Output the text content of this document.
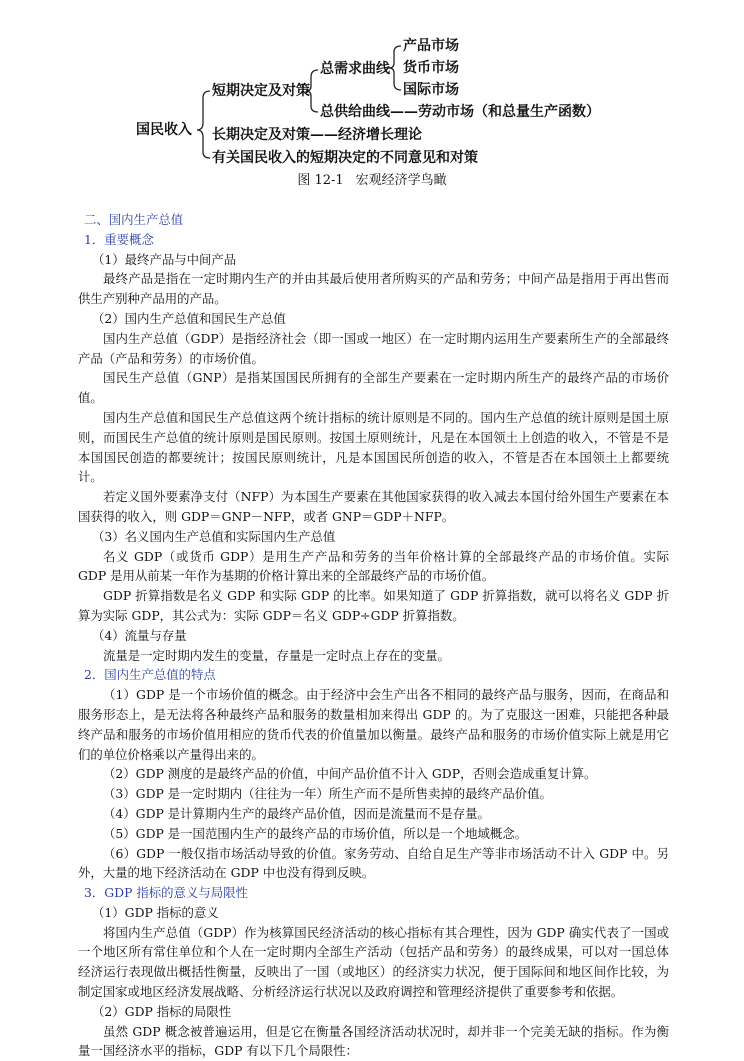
国民收入
短期决定及对策
总需求曲线
产品市场
货币市场
国际市场
总供给曲线——劳动市场（和总量生产函数）
长期决定及对策——经济增长理论
有关国民收入的短期决定的不同意见和对策
图 12-1 宏观经济学鸟瞰

二、国内生产总值

1．重要概念

（1）最终产品与中间产品

最终产品是指在一定时期内生产的并由其最后使用者所购买的产品和劳务；中间产品是指用于再出售而供生产别种产品用的产品。

（2）国内生产总值和国民生产总值

国内生产总值（GDP）是指经济社会（即一国或一地区）在一定时期内运用生产要素所生产的全部最终产品（产品和劳务）的市场价值。

国民生产总值（GNP）是指某国国民所拥有的全部生产要素在一定时期内所生产的最终产品的市场价值。

国内生产总值和国民生产总值这两个统计指标的统计原则是不同的。国内生产总值的统计原则是国土原则，而国民生产总值的统计原则是国民原则。按国土原则统计，凡是在本国领土上创造的收入，不管是不是本国国民创造的都要统计；按国民原则统计，凡是本国国民所创造的收入，不管是否在本国领土上都要统计。

若定义国外要素净支付（NFP）为本国生产要素在其他国家获得的收入减去本国付给外国生产要素在本国获得的收入，则 GDP＝GNP－NFP，或者 GNP＝GDP＋NFP。

（3）名义国内生产总值和实际国内生产总值

名义 GDP（或货币 GDP）是用生产产品和劳务的当年价格计算的全部最终产品的市场价值。实际 GDP 是用从前某一年作为基期的价格计算出来的全部最终产品的市场价值。

GDP 折算指数是名义 GDP 和实际 GDP 的比率。如果知道了 GDP 折算指数，就可以将名义 GDP 折算为实际 GDP，其公式为：实际 GDP＝名义 GDP÷GDP 折算指数。

（4）流量与存量

流量是一定时期内发生的变量，存量是一定时点上存在的变量。

2．国内生产总值的特点

（1）GDP 是一个市场价值的概念。由于经济中会生产出各不相同的最终产品与服务，因而，在商品和服务形态上，是无法将各种最终产品和服务的数量相加来得出 GDP 的。为了克服这一困难，只能把各种最终产品和服务的市场价值用相应的货币代表的价值量加以衡量。最终产品和服务的市场价值实际上就是用它们的单位价格乘以产量得出来的。

（2）GDP 测度的是最终产品的价值，中间产品价值不计入 GDP，否则会造成重复计算。

（3）GDP 是一定时期内（往往为一年）所生产而不是所售卖掉的最终产品价值。

（4）GDP 是计算期内生产的最终产品价值，因而是流量而不是存量。

（5）GDP 是一国范围内生产的最终产品的市场价值，所以是一个地域概念。

（6）GDP 一般仅指市场活动导致的价值。家务劳动、自给自足生产等非市场活动不计入 GDP 中。另外，大量的地下经济活动在 GDP 中也没有得到反映。

3．GDP 指标的意义与局限性

（1）GDP 指标的意义

将国内生产总值（GDP）作为核算国民经济活动的核心指标有其合理性，因为 GDP 确实代表了一国或一个地区所有常住单位和个人在一定时期内全部生产活动（包括产品和劳务）的最终成果，可以对一国总体经济运行表现做出概括性衡量，反映出了一国（或地区）的经济实力状况，便于国际间和地区间作比较，为制定国家或地区经济发展战略、分析经济运行状况以及政府调控和管理经济提供了重要参考和依据。

（2）GDP 指标的局限性

虽然 GDP 概念被普遍运用，但是它在衡量各国经济活动状况时，却并非一个完美无缺的指标。作为衡量一国经济水平的指标，GDP 有以下几个局限性：
